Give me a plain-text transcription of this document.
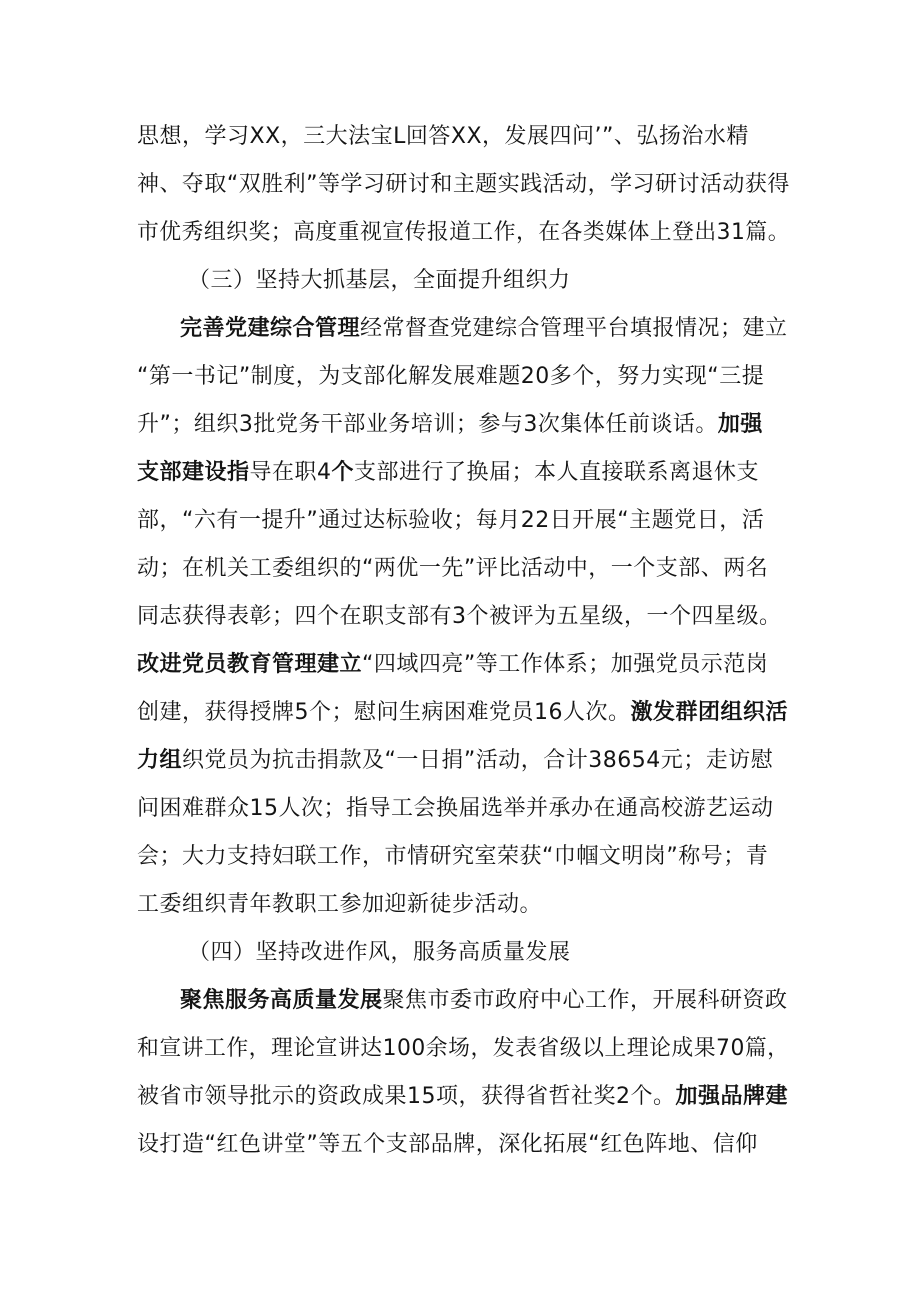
思想，学习XX，三大法宝L回答XX，发展四问’”、弘扬治水精

神、夺取“双胜利”等学习研讨和主题实践活动，学习研讨活动获得

市优秀组织奖；高度重视宣传报道工作，在各类媒体上登出31篇。

（三）坚持大抓基层，全面提升组织力

完善党建综合管理经常督查党建综合管理平台填报情况；建立

“第一书记”制度，为支部化解发展难题20多个，努力实现“三提

升”；组织3批党务干部业务培训；参与3次集体任前谈话。加强

支部建设指导在职4个支部进行了换届；本人直接联系离退休支

部，“六有一提升”通过达标验收；每月22日开展“主题党日，活

动；在机关工委组织的“两优一先”评比活动中，一个支部、两名

同志获得表彰；四个在职支部有3个被评为五星级，一个四星级。

改进党员教育管理建立“四域四亮”等工作体系；加强党员示范岗

创建，获得授牌5个；慰问生病困难党员16人次。激发群团组织活

力组织党员为抗击捐款及“一日捐”活动，合计38654元；走访慰

问困难群众15人次；指导工会换届选举并承办在通高校游艺运动

会；大力支持妇联工作，市情研究室荣获“巾帼文明岗”称号；青

工委组织青年教职工参加迎新徒步活动。

（四）坚持改进作风，服务高质量发展

聚焦服务高质量发展聚焦市委市政府中心工作，开展科研资政

和宣讲工作，理论宣讲达100余场，发表省级以上理论成果70篇，

被省市领导批示的资政成果15项，获得省哲社奖2个。加强品牌建

设打造“红色讲堂”等五个支部品牌，深化拓展“红色阵地、信仰
